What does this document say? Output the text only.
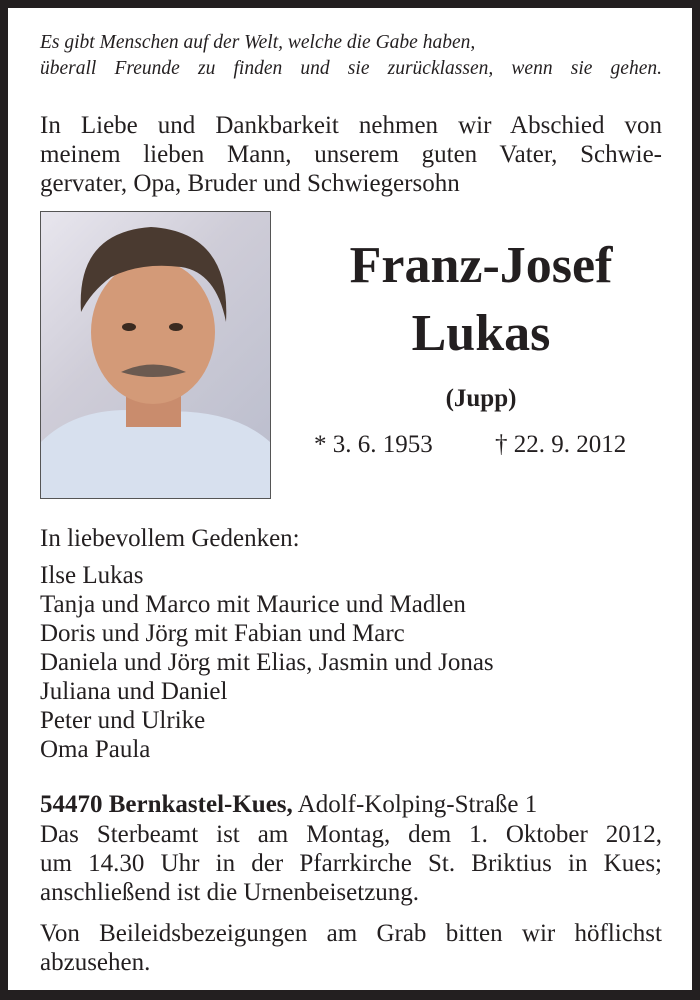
Es gibt Menschen auf der Welt, welche die Gabe haben,
überall Freunde zu finden und sie zurücklassen, wenn sie gehen.
In Liebe und Dankbarkeit nehmen wir Abschied von
meinem lieben Mann, unserem guten Vater, Schwie-
gervater, Opa, Bruder und Schwiegersohn
Franz-Josef
Lukas
(Jupp)
* 3. 6. 1953 † 22. 9. 2012
In liebevollem Gedenken:
Ilse Lukas
Tanja und Marco mit Maurice und Madlen
Doris und Jörg mit Fabian und Marc
Daniela und Jörg mit Elias, Jasmin und Jonas
Juliana und Daniel
Peter und Ulrike
Oma Paula
54470 Bernkastel-Kues, Adolf-Kolping-Straße 1
Das Sterbeamt ist am Montag, dem 1. Oktober 2012,
um 14.30 Uhr in der Pfarrkirche St. Briktius in Kues;
anschließend ist die Urnenbeisetzung.
Von Beileidsbezeigungen am Grab bitten wir höflichst
abzusehen.
